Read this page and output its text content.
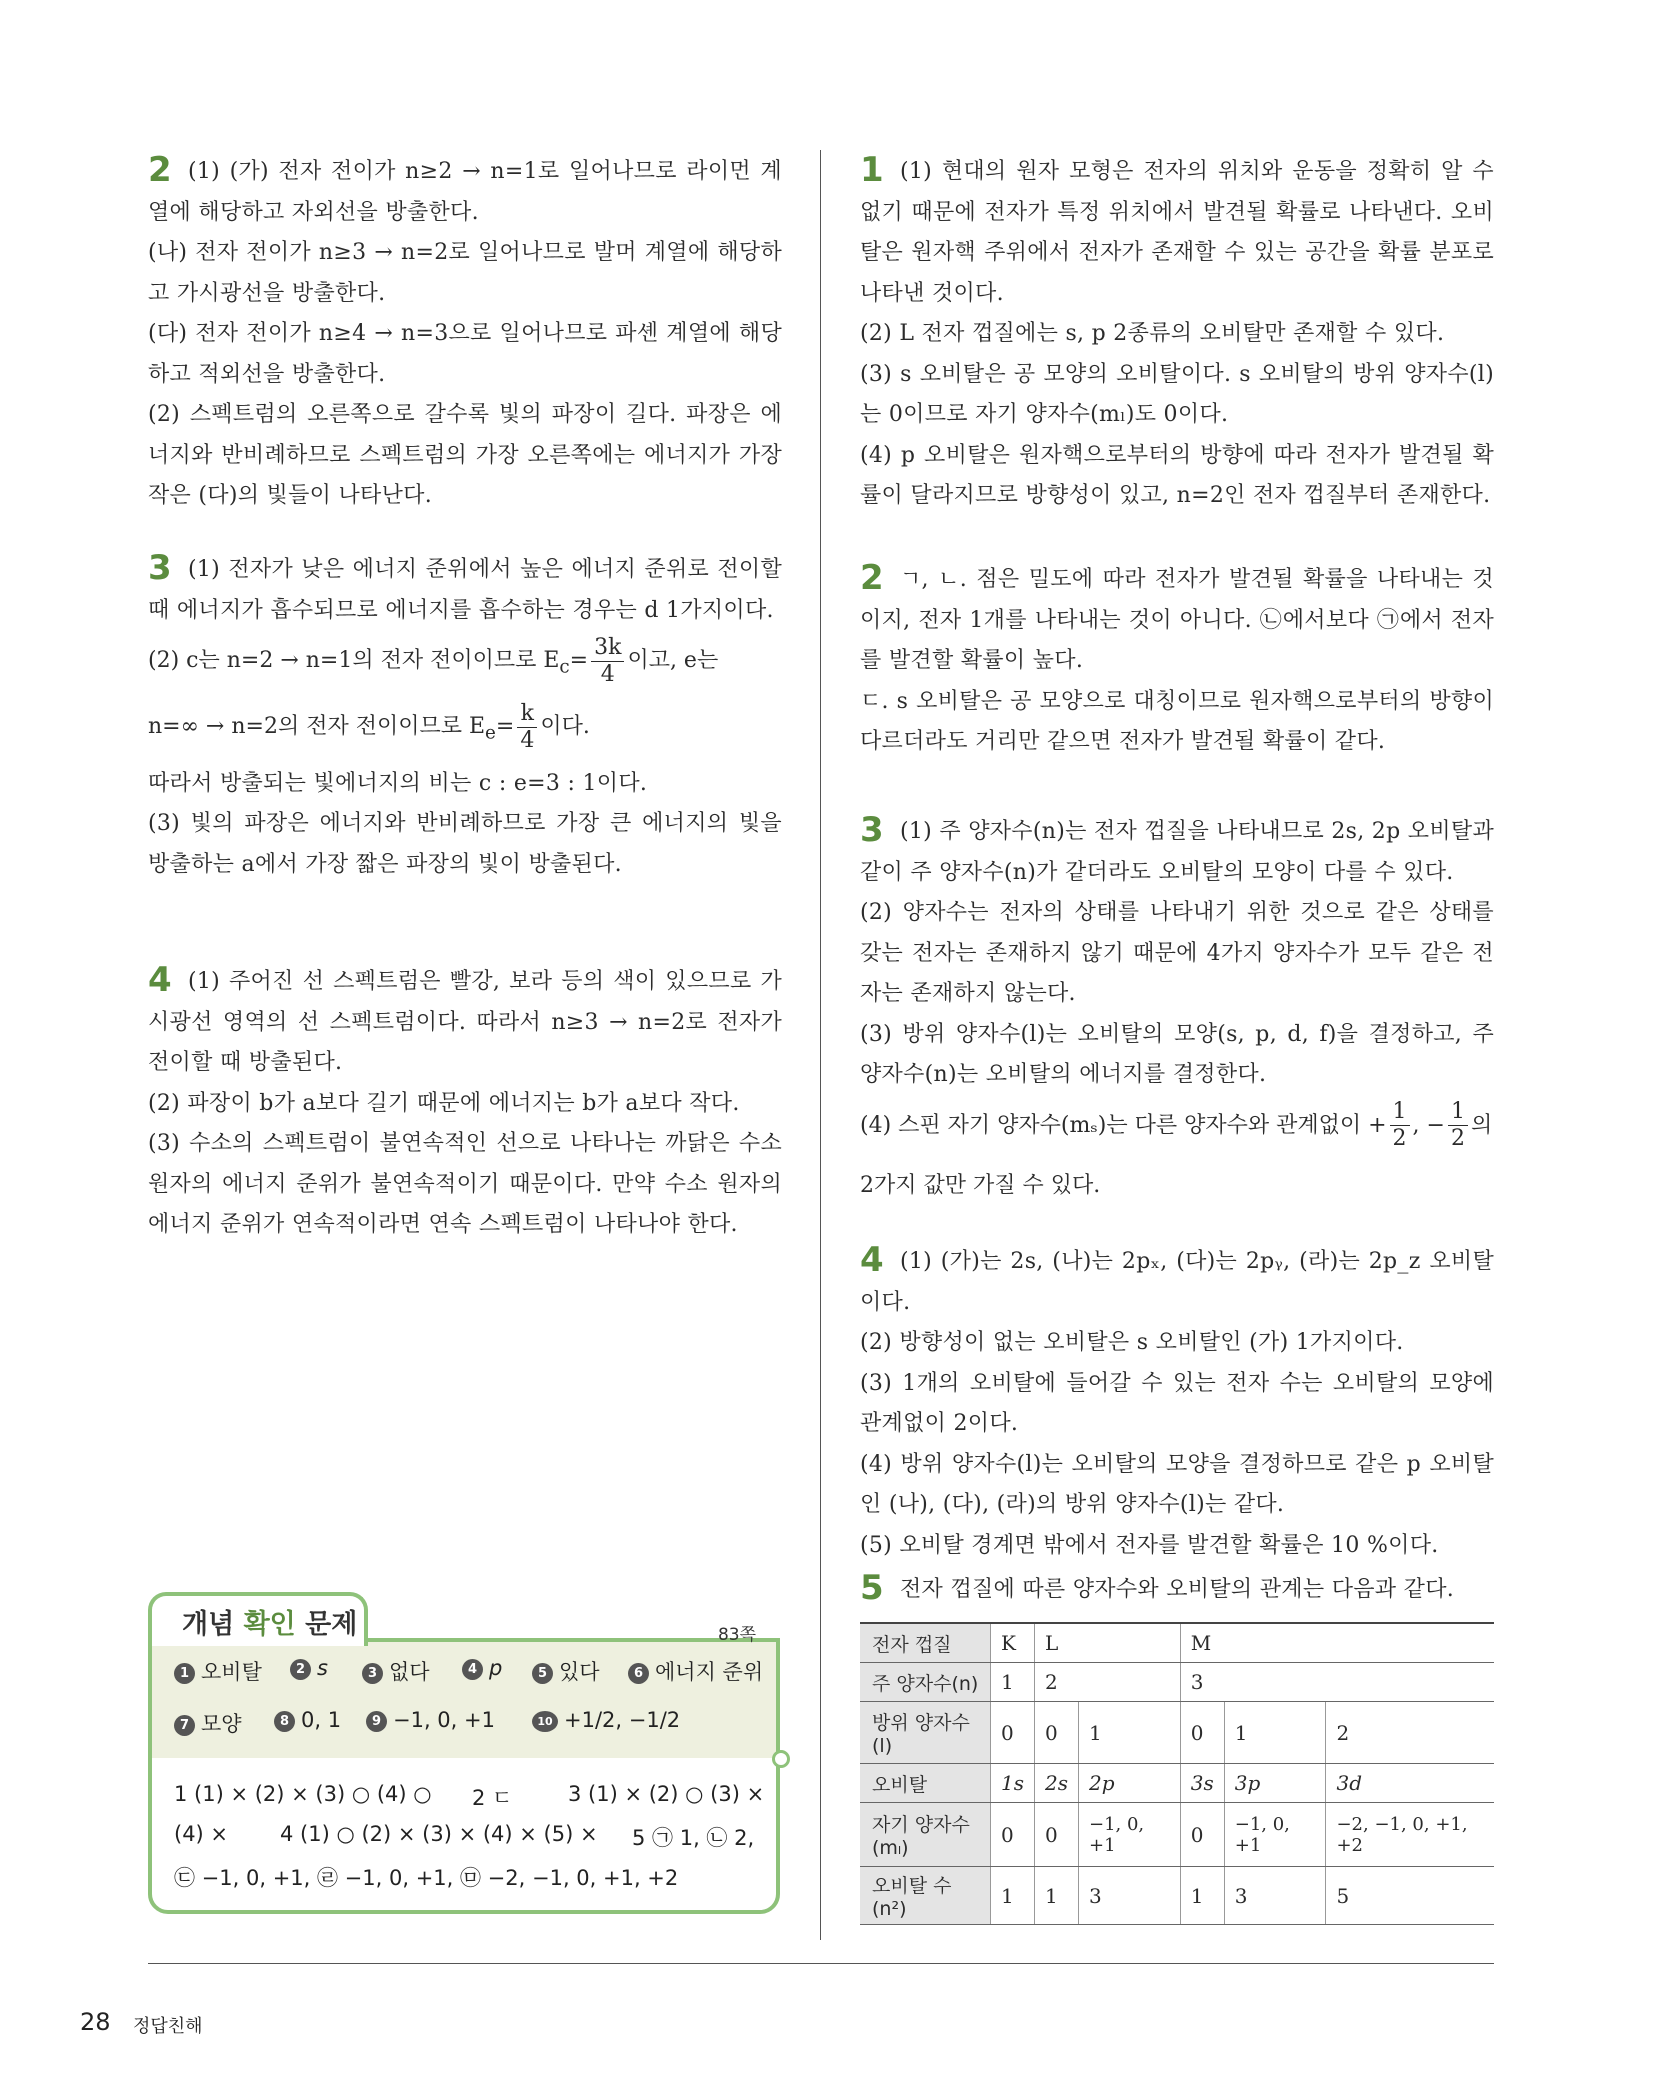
2 (1) (가) 전자 전이가 n≥2 → n=1로 일어나므로 라이먼 계열에 해당하고 자외선을 방출한다.

(나) 전자 전이가 n≥3 → n=2로 일어나므로 발머 계열에 해당하고 가시광선을 방출한다.

(다) 전자 전이가 n≥4 → n=3으로 일어나므로 파셴 계열에 해당하고 적외선을 방출한다.

(2) 스펙트럼의 오른쪽으로 갈수록 빛의 파장이 길다. 파장은 에너지와 반비례하므로 스펙트럼의 가장 오른쪽에는 에너지가 가장 작은 (다)의 빛들이 나타난다.

3 (1) 전자가 낮은 에너지 준위에서 높은 에너지 준위로 전이할 때 에너지가 흡수되므로 에너지를 흡수하는 경우는 d 1가지이다.

(2) c는 n=2 → n=1의 전자 전이이므로 $E_c= \frac{3k}{4}$ 이고, e는

n=∞ → n=2의 전자 전이이므로 $E_e= \frac{k}{4}$ 이다.

따라서 방출되는 빛에너지의 비는 c : e=3 : 1이다.

(3) 빛의 파장은 에너지와 반비례하므로 가장 큰 에너지의 빛을 방출하는 a에서 가장 짧은 파장의 빛이 방출된다.

4 (1) 주어진 선 스펙트럼은 빨강, 보라 등의 색이 있으므로 가시광선 영역의 선 스펙트럼이다. 따라서 n≥3 → n=2로 전자가 전이할 때 방출된다.

(2) 파장이 b가 a보다 길기 때문에 에너지는 b가 a보다 작다.

(3) 수소의 스펙트럼이 불연속적인 선으로 나타나는 까닭은 수소 원자의 에너지 준위가 불연속적이기 때문이다. 만약 수소 원자의 에너지 준위가 연속적이라면 연속 스펙트럼이 나타나야 한다.

1 오비탈	2 s	3 없다	4 p	5 있다	6 에너지 준위
7 모양	8 0, 1	9 −1, 0, +1	10 +1/2, −1/2
1 (1) × (2) × (3) ○ (4) ○ 2 ㄷ	3 (1) × (2) ○ (3) ×
(4) × 4 (1) ○ (2) × (3) × (4) × (5) × 5 ㉠ 1, ㉡ 2,
㉢ −1, 0, +1, ㉣ −1, 0, +1, ㉤ −2, −1, 0, +1, +2
개념 확인 문제	83쪽

1 (1) 현대의 원자 모형은 전자의 위치와 운동을 정확히 알 수 없기 때문에 전자가 특정 위치에서 발견될 확률로 나타낸다. 오비탈은 원자핵 주위에서 전자가 존재할 수 있는 공간을 확률 분포로 나타낸 것이다.

(2) L 전자 껍질에는 s, p 2종류의 오비탈만 존재할 수 있다.

(3) s 오비탈은 공 모양의 오비탈이다. s 오비탈의 방위 양자수(l)는 0이므로 자기 양자수(mₗ)도 0이다.

(4) p 오비탈은 원자핵으로부터의 방향에 따라 전자가 발견될 확률이 달라지므로 방향성이 있고, n=2인 전자 껍질부터 존재한다.

2 ㄱ, ㄴ. 점은 밀도에 따라 전자가 발견될 확률을 나타내는 것이지, 전자 1개를 나타내는 것이 아니다. ㉡에서보다 ㉠에서 전자를 발견할 확률이 높다.

ㄷ. s 오비탈은 공 모양으로 대칭이므로 원자핵으로부터의 방향이 다르더라도 거리만 같으면 전자가 발견될 확률이 같다.

3 (1) 주 양자수(n)는 전자 껍질을 나타내므로 2s, 2p 오비탈과 같이 주 양자수(n)가 같더라도 오비탈의 모양이 다를 수 있다.

(2) 양자수는 전자의 상태를 나타내기 위한 것으로 같은 상태를 갖는 전자는 존재하지 않기 때문에 4가지 양자수가 모두 같은 전자는 존재하지 않는다.

(3) 방위 양자수(l)는 오비탈의 모양(s, p, d, f)을 결정하고, 주 양자수(n)는 오비탈의 에너지를 결정한다.

(4) 스핀 자기 양자수(mₛ)는 다른 양자수와 관계없이 + $\frac{1}{2}$ , − $\frac{1}{2}$ 의 2가지 값만 가질 수 있다.

4 (1) (가)는 2s, (나)는 2pₓ, (다)는 2pᵧ, (라)는 2p_z 오비탈이다.

(2) 방향성이 없는 오비탈은 s 오비탈인 (가) 1가지이다.

(3) 1개의 오비탈에 들어갈 수 있는 전자 수는 오비탈의 모양에 관계없이 2이다.

(4) 방위 양자수(l)는 오비탈의 모양을 결정하므로 같은 p 오비탈인 (나), (다), (라)의 방위 양자수(l)는 같다.

(5) 오비탈 경계면 밖에서 전자를 발견할 확률은 10 %이다.

5 전자 껍질에 따른 양자수와 오비탈의 관계는 다음과 같다.

전자 껍질	K	L		M		
주 양자수(n)	1	2		3		
방위 양자수(l)	0	0	1	0	1	2
오비탈	1s	2s	2p	3s	3p	3d
자기 양자수(mₗ)	0	0	−1, 0, +1	0	−1, 0, +1	−2, −1, 0, +1, +2
오비탈 수(n²)	1	1	3	1	3	5
28 정답친해
